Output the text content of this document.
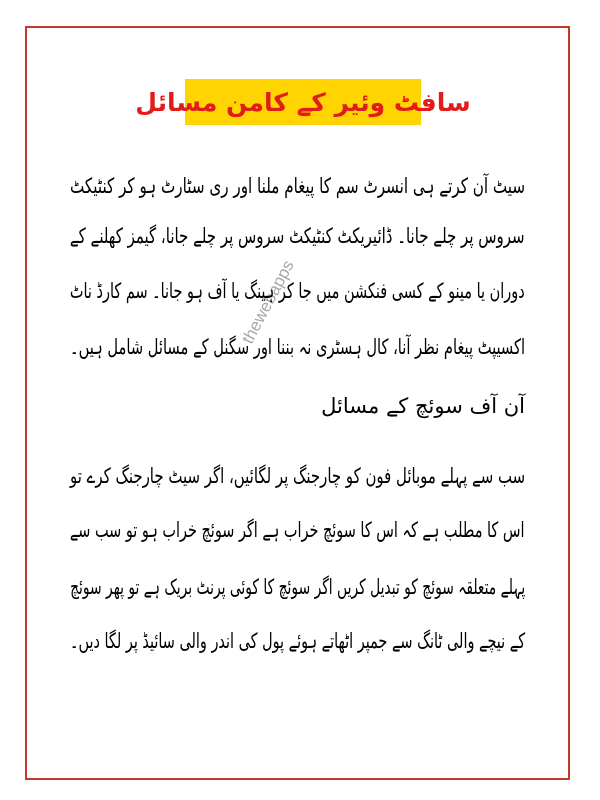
سافٹ وئیر کے کامن مسائل
سیٹ آن کرتے ہی انسرٹ سم کا پیغام ملنا اور ری سٹارٹ ہو کر کنٹیکٹ
سروس پر چلے جانا۔ ڈائیریکٹ کنٹیکٹ سروس پر چلے جانا، گیمز کھلنے کے
دوران یا مینو کے کسی فنکشن میں جا کر ہینگ یا آف ہو جانا۔ سم کارڈ ناٹ
اکسیپٹ پیغام نظر آنا، کال ہسٹری نہ بننا اور سگنل کے مسائل شامل ہیں۔
آن آف سوئچ کے مسائل
سب سے پہلے موبائل فون کو چارجنگ پر لگائیں، اگر سیٹ چارجنگ کرے تو
اس کا مطلب ہے کہ اس کا سوئچ خراب ہے اگر سوئچ خراب ہو تو سب سے
پہلے متعلقہ سوئچ کو تبدیل کریں اگر سوئچ کا کوئی پرنٹ بریک ہے تو پھر سوئچ
کے نیچے والی ٹانگ سے جمپر اٹھاتے ہوئے پول کی اندر والی سائیڈ پر لگا دیں۔
thewebapps
